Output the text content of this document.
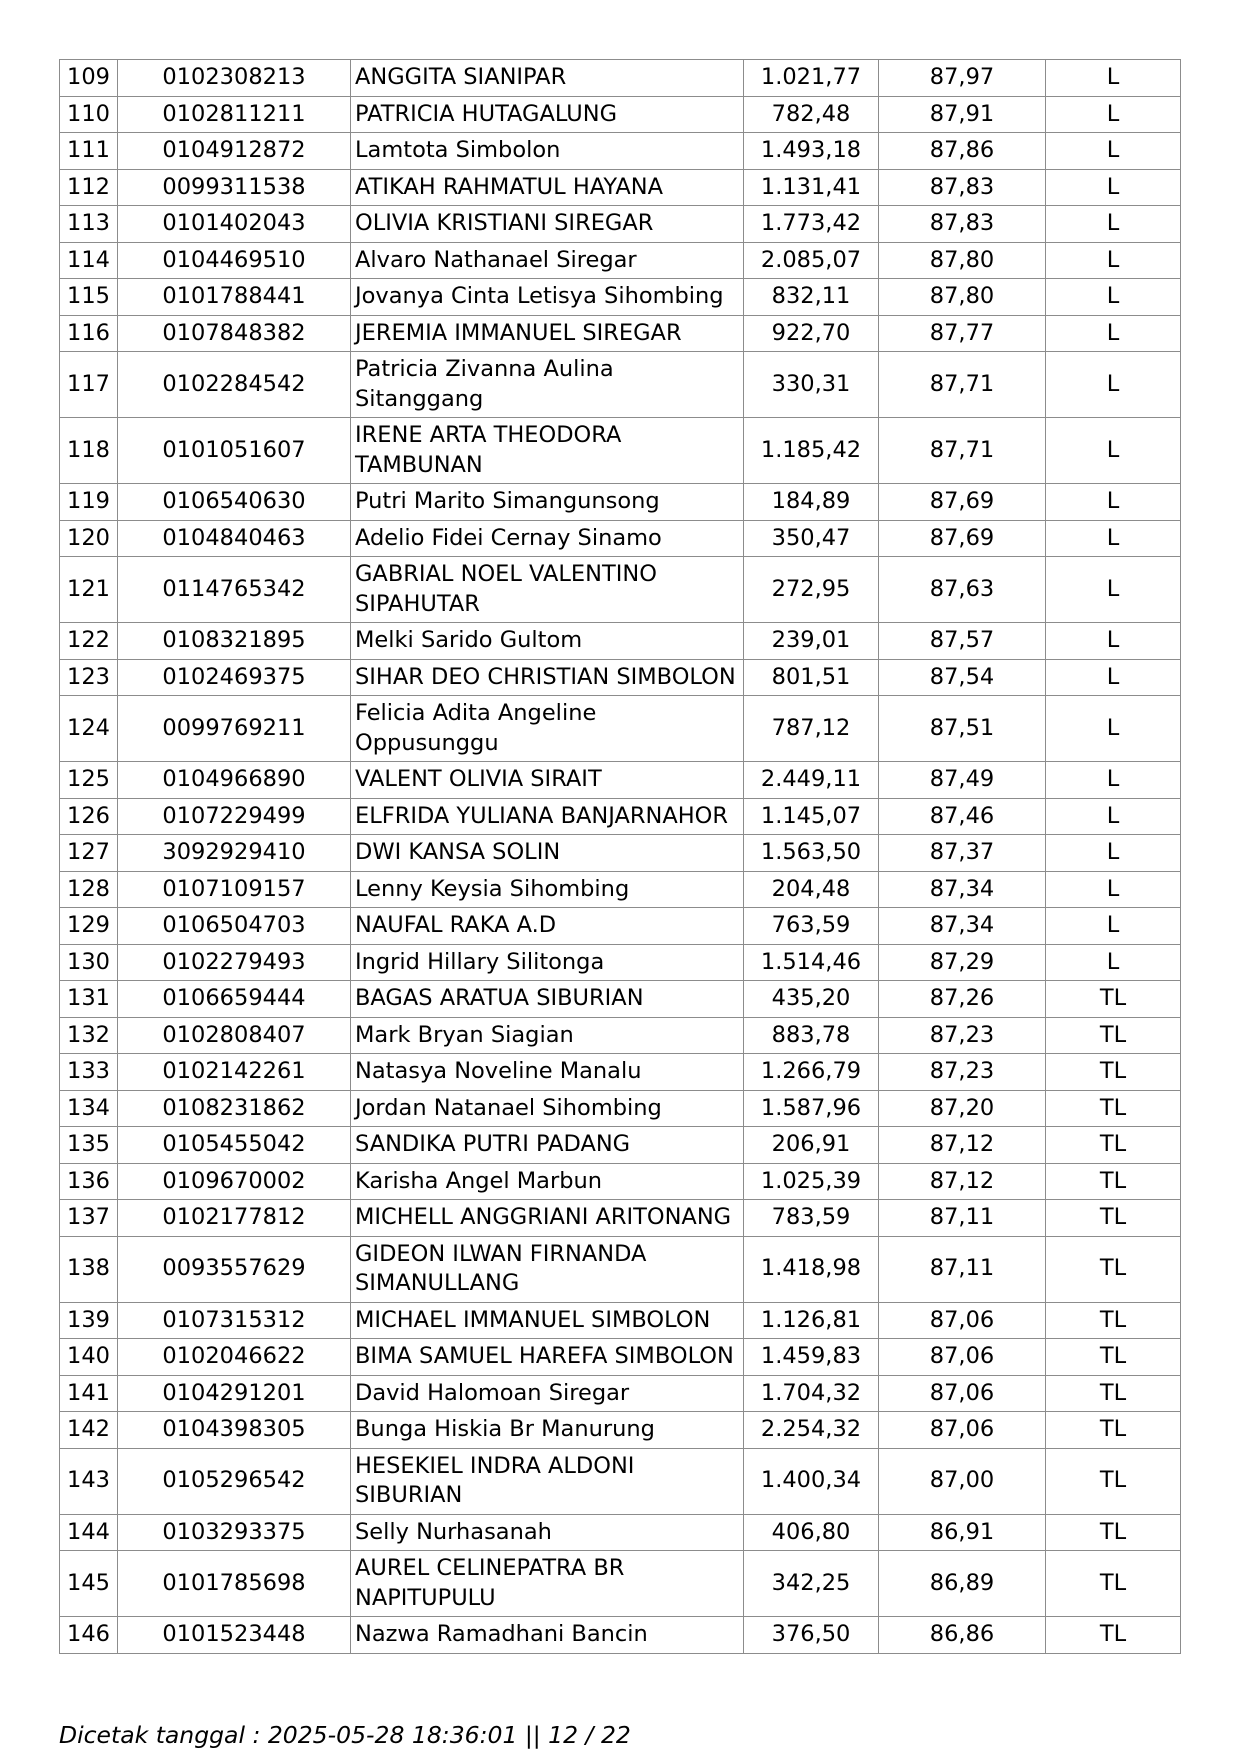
109	0102308213	ANGGITA SIANIPAR	1.021,77	87,97	L
110	0102811211	PATRICIA HUTAGALUNG	782,48	87,91	L
111	0104912872	Lamtota Simbolon	1.493,18	87,86	L
112	0099311538	ATIKAH RAHMATUL HAYANA	1.131,41	87,83	L
113	0101402043	OLIVIA KRISTIANI SIREGAR	1.773,42	87,83	L
114	0104469510	Alvaro Nathanael Siregar	2.085,07	87,80	L
115	0101788441	Jovanya Cinta Letisya Sihombing	832,11	87,80	L
116	0107848382	JEREMIA IMMANUEL SIREGAR	922,70	87,77	L
117	0102284542	Patricia Zivanna Aulina
Sitanggang	330,31	87,71	L
118	0101051607	IRENE ARTA THEODORA
TAMBUNAN	1.185,42	87,71	L
119	0106540630	Putri Marito Simangunsong	184,89	87,69	L
120	0104840463	Adelio Fidei Cernay Sinamo	350,47	87,69	L
121	0114765342	GABRIAL NOEL VALENTINO
SIPAHUTAR	272,95	87,63	L
122	0108321895	Melki Sarido Gultom	239,01	87,57	L
123	0102469375	SIHAR DEO CHRISTIAN SIMBOLON	801,51	87,54	L
124	0099769211	Felicia Adita Angeline
Oppusunggu	787,12	87,51	L
125	0104966890	VALENT OLIVIA SIRAIT	2.449,11	87,49	L
126	0107229499	ELFRIDA YULIANA BANJARNAHOR	1.145,07	87,46	L
127	3092929410	DWI KANSA SOLIN	1.563,50	87,37	L
128	0107109157	Lenny Keysia Sihombing	204,48	87,34	L
129	0106504703	NAUFAL RAKA A.D	763,59	87,34	L
130	0102279493	Ingrid Hillary Silitonga	1.514,46	87,29	L
131	0106659444	BAGAS ARATUA SIBURIAN	435,20	87,26	TL
132	0102808407	Mark Bryan Siagian	883,78	87,23	TL
133	0102142261	Natasya Noveline Manalu	1.266,79	87,23	TL
134	0108231862	Jordan Natanael Sihombing	1.587,96	87,20	TL
135	0105455042	SANDIKA PUTRI PADANG	206,91	87,12	TL
136	0109670002	Karisha Angel Marbun	1.025,39	87,12	TL
137	0102177812	MICHELL ANGGRIANI ARITONANG	783,59	87,11	TL
138	0093557629	GIDEON ILWAN FIRNANDA
SIMANULLANG	1.418,98	87,11	TL
139	0107315312	MICHAEL IMMANUEL SIMBOLON	1.126,81	87,06	TL
140	0102046622	BIMA SAMUEL HAREFA SIMBOLON	1.459,83	87,06	TL
141	0104291201	David Halomoan Siregar	1.704,32	87,06	TL
142	0104398305	Bunga Hiskia Br Manurung	2.254,32	87,06	TL
143	0105296542	HESEKIEL INDRA ALDONI
SIBURIAN	1.400,34	87,00	TL
144	0103293375	Selly Nurhasanah	406,80	86,91	TL
145	0101785698	AUREL CELINEPATRA BR
NAPITUPULU	342,25	86,89	TL
146	0101523448	Nazwa Ramadhani Bancin	376,50	86,86	TL
Dicetak tanggal : 2025-05-28 18:36:01 || 12 / 22
